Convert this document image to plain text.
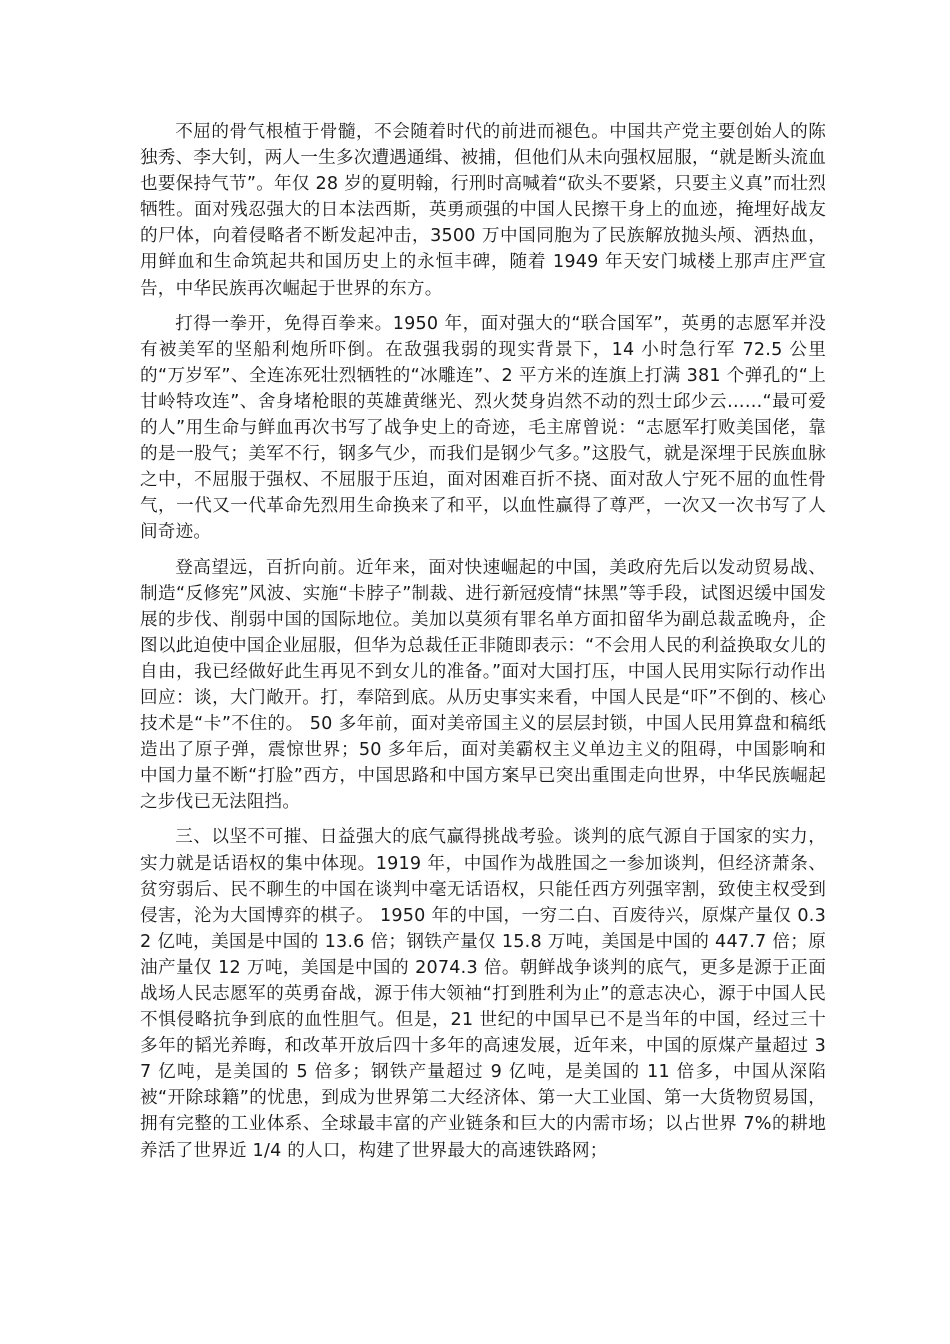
不屈的骨气根植于骨髓，不会随着时代的前进而褪色。中国共产党主要创始人的陈独秀、李大钊，两人一生多次遭遇通缉、被捕，但他们从未向强权屈服，“就是断头流血也要保持气节”。年仅 28 岁的夏明翰，行刑时高喊着“砍头不要紧，只要主义真”而壮烈牺牲。面对残忍强大的日本法西斯，英勇顽强的中国人民擦干身上的血迹，掩埋好战友的尸体，向着侵略者不断发起冲击，3500 万中国同胞为了民族解放抛头颅、洒热血，用鲜血和生命筑起共和国历史上的永恒丰碑，随着 1949 年天安门城楼上那声庄严宣告，中华民族再次崛起于世界的东方。

打得一拳开，免得百拳来。1950 年，面对强大的“联合国军”，英勇的志愿军并没有被美军的坚船利炮所吓倒。在敌强我弱的现实背景下，14 小时急行军 72.5 公里的“万岁军”、全连冻死壮烈牺牲的“冰雕连”、2 平方米的连旗上打满 381 个弹孔的“上甘岭特攻连”、舍身堵枪眼的英雄黄继光、烈火焚身岿然不动的烈士邱少云……“最可爱的人”用生命与鲜血再次书写了战争史上的奇迹，毛主席曾说：“志愿军打败美国佬，靠的是一股气；美军不行，钢多气少，而我们是钢少气多。”这股气，就是深埋于民族血脉之中，不屈服于强权、不屈服于压迫，面对困难百折不挠、面对敌人宁死不屈的血性骨气，一代又一代革命先烈用生命换来了和平，以血性赢得了尊严，一次又一次书写了人间奇迹。

登高望远，百折向前。近年来，面对快速崛起的中国，美政府先后以发动贸易战、制造“反修宪”风波、实施“卡脖子”制裁、进行新冠疫情“抹黑”等手段，试图迟缓中国发展的步伐、削弱中国的国际地位。美加以莫须有罪名单方面扣留华为副总裁孟晚舟，企图以此迫使中国企业屈服，但华为总裁任正非随即表示：“不会用人民的利益换取女儿的自由，我已经做好此生再见不到女儿的准备。”面对大国打压，中国人民用实际行动作出回应：谈，大门敞开。打，奉陪到底。从历史事实来看，中国人民是“吓”不倒的、核心技术是“卡”不住的。 50 多年前，面对美帝国主义的层层封锁，中国人民用算盘和稿纸造出了原子弹，震惊世界；50 多年后，面对美霸权主义单边主义的阻碍，中国影响和中国力量不断“打脸”西方，中国思路和中国方案早已突出重围走向世界，中华民族崛起之步伐已无法阻挡。

三、以坚不可摧、日益强大的底气赢得挑战考验。谈判的底气源自于国家的实力，实力就是话语权的集中体现。1919 年，中国作为战胜国之一参加谈判，但经济萧条、贫穷弱后、民不聊生的中国在谈判中毫无话语权，只能任西方列强宰割，致使主权受到侵害，沦为大国博弈的棋子。 1950 年的中国，一穷二白、百废待兴，原煤产量仅 0.32 亿吨，美国是中国的 13.6 倍；钢铁产量仅 15.8 万吨，美国是中国的 447.7 倍；原油产量仅 12 万吨，美国是中国的 2074.3 倍。朝鲜战争谈判的底气，更多是源于正面战场人民志愿军的英勇奋战，源于伟大领袖“打到胜利为止”的意志决心，源于中国人民不惧侵略抗争到底的血性胆气。但是，21 世纪的中国早已不是当年的中国，经过三十多年的韬光养晦，和改革开放后四十多年的高速发展，近年来，中国的原煤产量超过 37 亿吨，是美国的 5 倍多；钢铁产量超过 9 亿吨，是美国的 11 倍多，中国从深陷被“开除球籍”的忧患，到成为世界第二大经济体、第一大工业国、第一大货物贸易国，拥有完整的工业体系、全球最丰富的产业链条和巨大的内需市场；以占世界 7%的耕地养活了世界近 1/4 的人口，构建了世界最大的高速铁路网；
